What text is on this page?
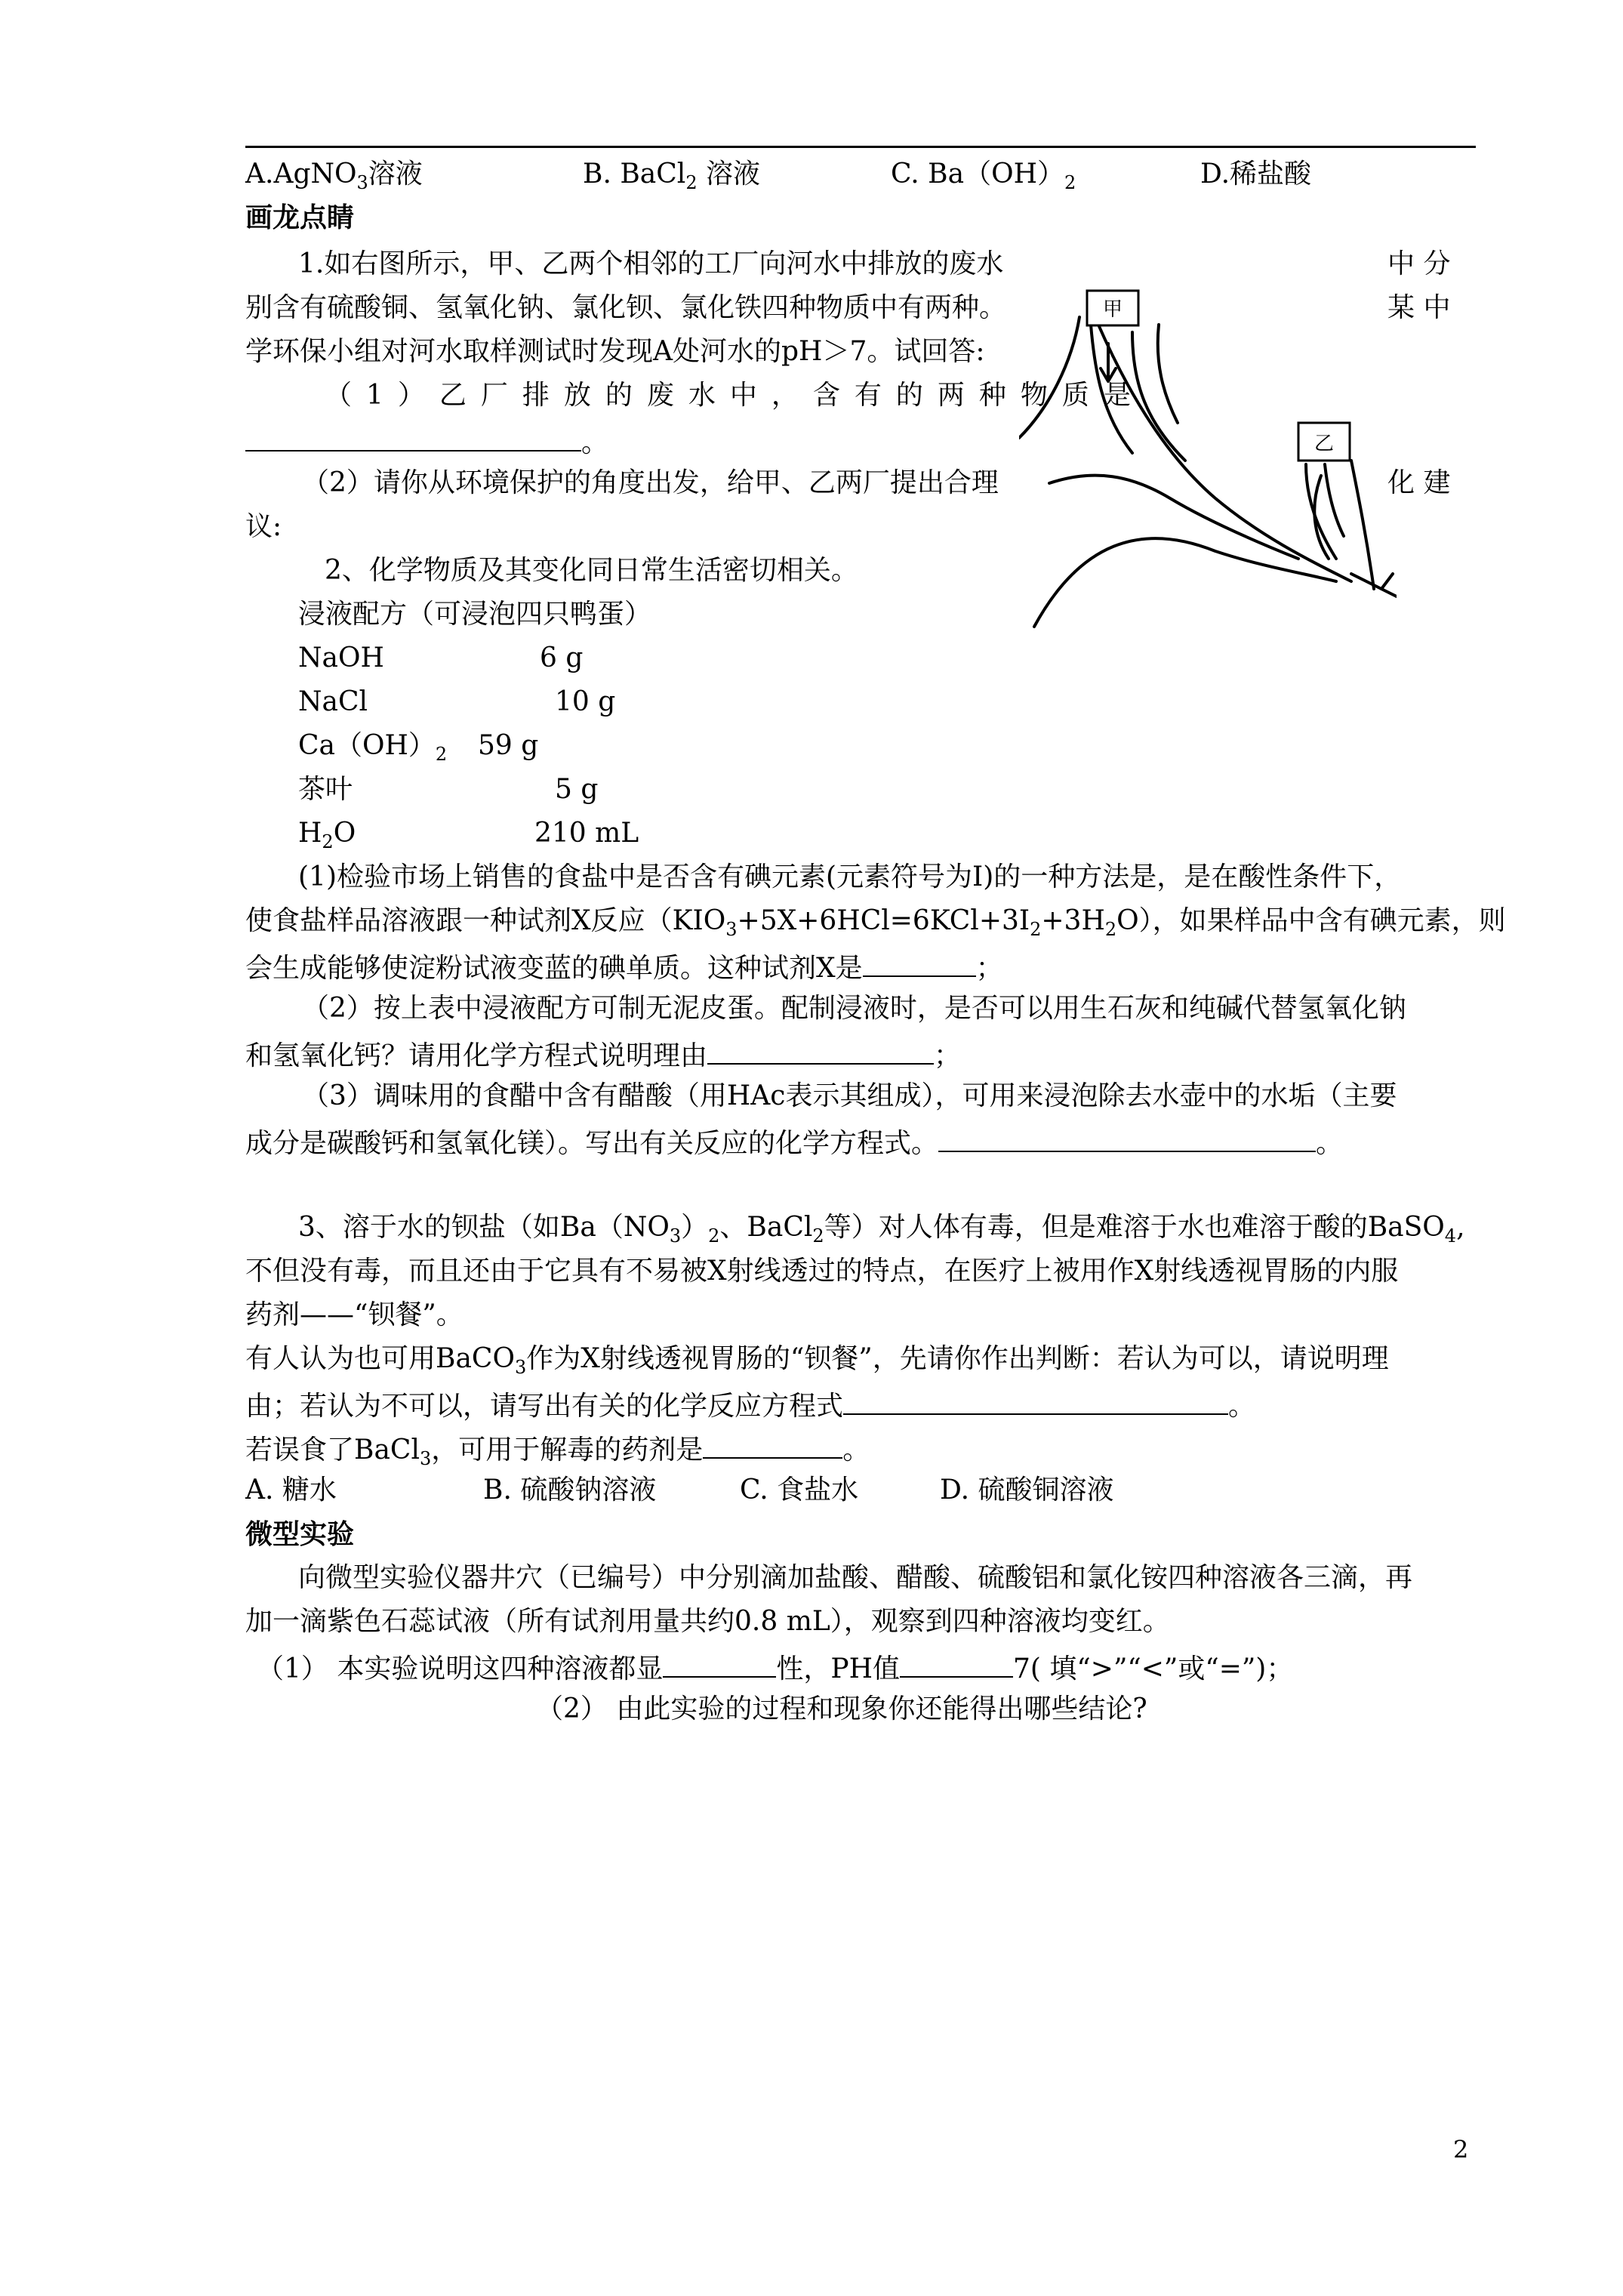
A.AgNO$_3$溶液	B. BaCl$_2$ 溶液	C. $Ba(OH)_2$	D.稀盐酸
画龙点睛
1.如右图所示，甲、乙两个相邻的工厂向河水中排放的废水	中 分
别含有硫酸铜、氢氧化钠、氯化钡、氯化铁四种物质中有两种。	某 中
学环保小组对河水取样测试时发现A处河水的pH＞7。试回答:
（1）乙厂排放的废水中，含有的两种物质是
。
（2）请你从环境保护的角度出发，给甲、乙两厂提出合理	化 建
议:
甲
乙
2、化学物质及其变化同日常生活密切相关。
浸液配方（可浸泡四只鸭蛋）
NaOH	6 g
NaCl	10 g
$Ca(OH)_2$ 59 g
茶叶	5 g
$H_2O$	210 mL
(1)检验市场上销售的食盐中是否含有碘元素(元素符号为I)的一种方法是，是在酸性条件下，
使食盐样品溶液跟一种试剂X反应$(KIO_3+5X+6HCl=6KCl+3I_2+3H_2O)$，如果样品中含有碘元素，则
会生成能够使淀粉试液变蓝的碘单质。这种试剂X是	；
（2）按上表中浸液配方可制无泥皮蛋。配制浸液时，是否可以用生石灰和纯碱代替氢氧化钠
和氢氧化钙？请用化学方程式说明理由	；
（3）调味用的食醋中含有醋酸（用HAc表示其组成），可用来浸泡除去水壶中的水垢（主要
成分是碳酸钙和氢氧化镁）。写出有关反应的化学方程式。	。
3、溶于水的钡盐（如$Ba(NO_3)_2$、BaCl$_2$等）对人体有毒，但是难溶于水也难溶于酸的BaSO$_4$,
不但没有毒，而且还由于它具有不易被X射线透过的特点，在医疗上被用作X射线透视胃肠的内服
药剂——“钡餐”。
有人认为也可用BaCO$_3$作为X射线透视胃肠的“钡餐”，先请你作出判断：若认为可以，请说明理
由；若认为不可以，请写出有关的化学反应方程式	。
若误食了BaCl$_3$，可用于解毒的药剂是	。
A. 糖水	B. 硫酸钠溶液	C. 食盐水	D. 硫酸铜溶液
微型实验
向微型实验仪器井穴（已编号）中分别滴加盐酸、醋酸、硫酸铝和氯化铵四种溶液各三滴，再
加一滴紫色石蕊试液（所有试剂用量共约0.8 mL），观察到四种溶液均变红。
（1） 本实验说明这四种溶液都显	性，PH值	7( 填“>”“<”或“=”)；
（2） 由此实验的过程和现象你还能得出哪些结论?
2
